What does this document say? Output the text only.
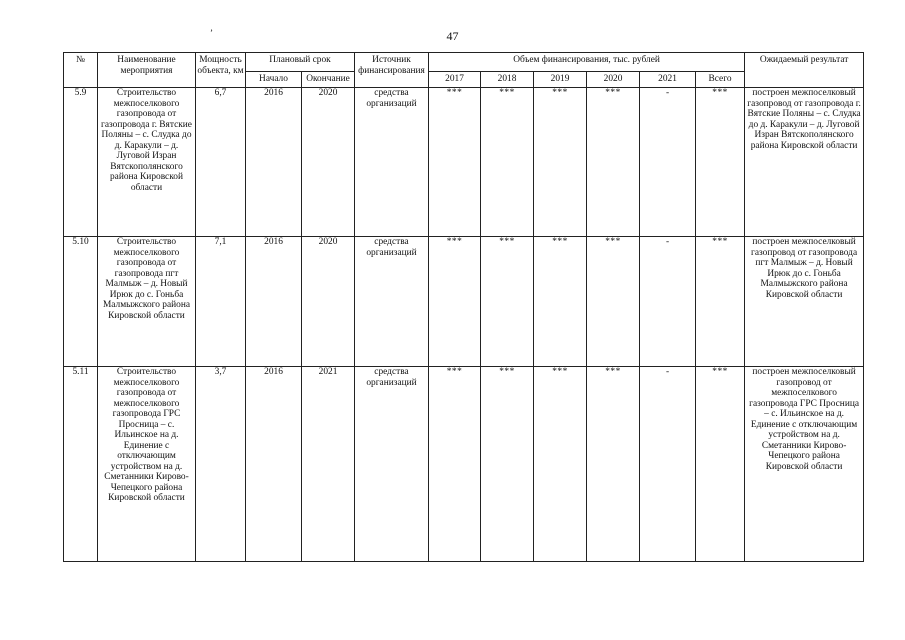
ʼ	47
№	Наименование мероприятия	Мощность объекта, км	Плановый срок		Источник финансирования	Объем финансирования, тыс. рублей						Ожидаемый результат
			Начало	Окончание		2017	2018	2019	2020	2021	Всего	
5.9	Строительство межпоселкового газопровода от газопровода г. Вятские Поляны – с. Слудка до д. Каракули – д. Луговой Изран Вятскополянского района Кировской области	6,7	2016	2020	средства организаций	***	***	***	***	-	***	построен межпоселковый газопровод от газопровода г. Вятские Поляны – с. Слудка до д. Каракули – д. Луговой Изран Вятскополянского района Кировской области
5.10	Строительство межпоселкового газопровода от газопровода пгт Малмыж – д. Новый Ирюк до с. Гоньба Малмыжского района Кировской области	7,1	2016	2020	средства организаций	***	***	***	***	-	***	построен межпоселковый газопровод от газопровода пгт Малмыж – д. Новый Ирюк до с. Гоньба Малмыжского района Кировской области
5.11	Строительство межпоселкового газопровода от межпоселкового газопровода ГРС Просница – с. Ильинское на д. Единение с отключающим устройством на д. Сметанники Кирово-Чепецкого района Кировской области	3,7	2016	2021	средства организаций	***	***	***	***	-	***	построен межпоселковый газопровод от межпоселкового газопровода ГРС Просница – с. Ильинское на д. Единение с отключающим устройством на д. Сметанники Кирово-Чепецкого района Кировской области
